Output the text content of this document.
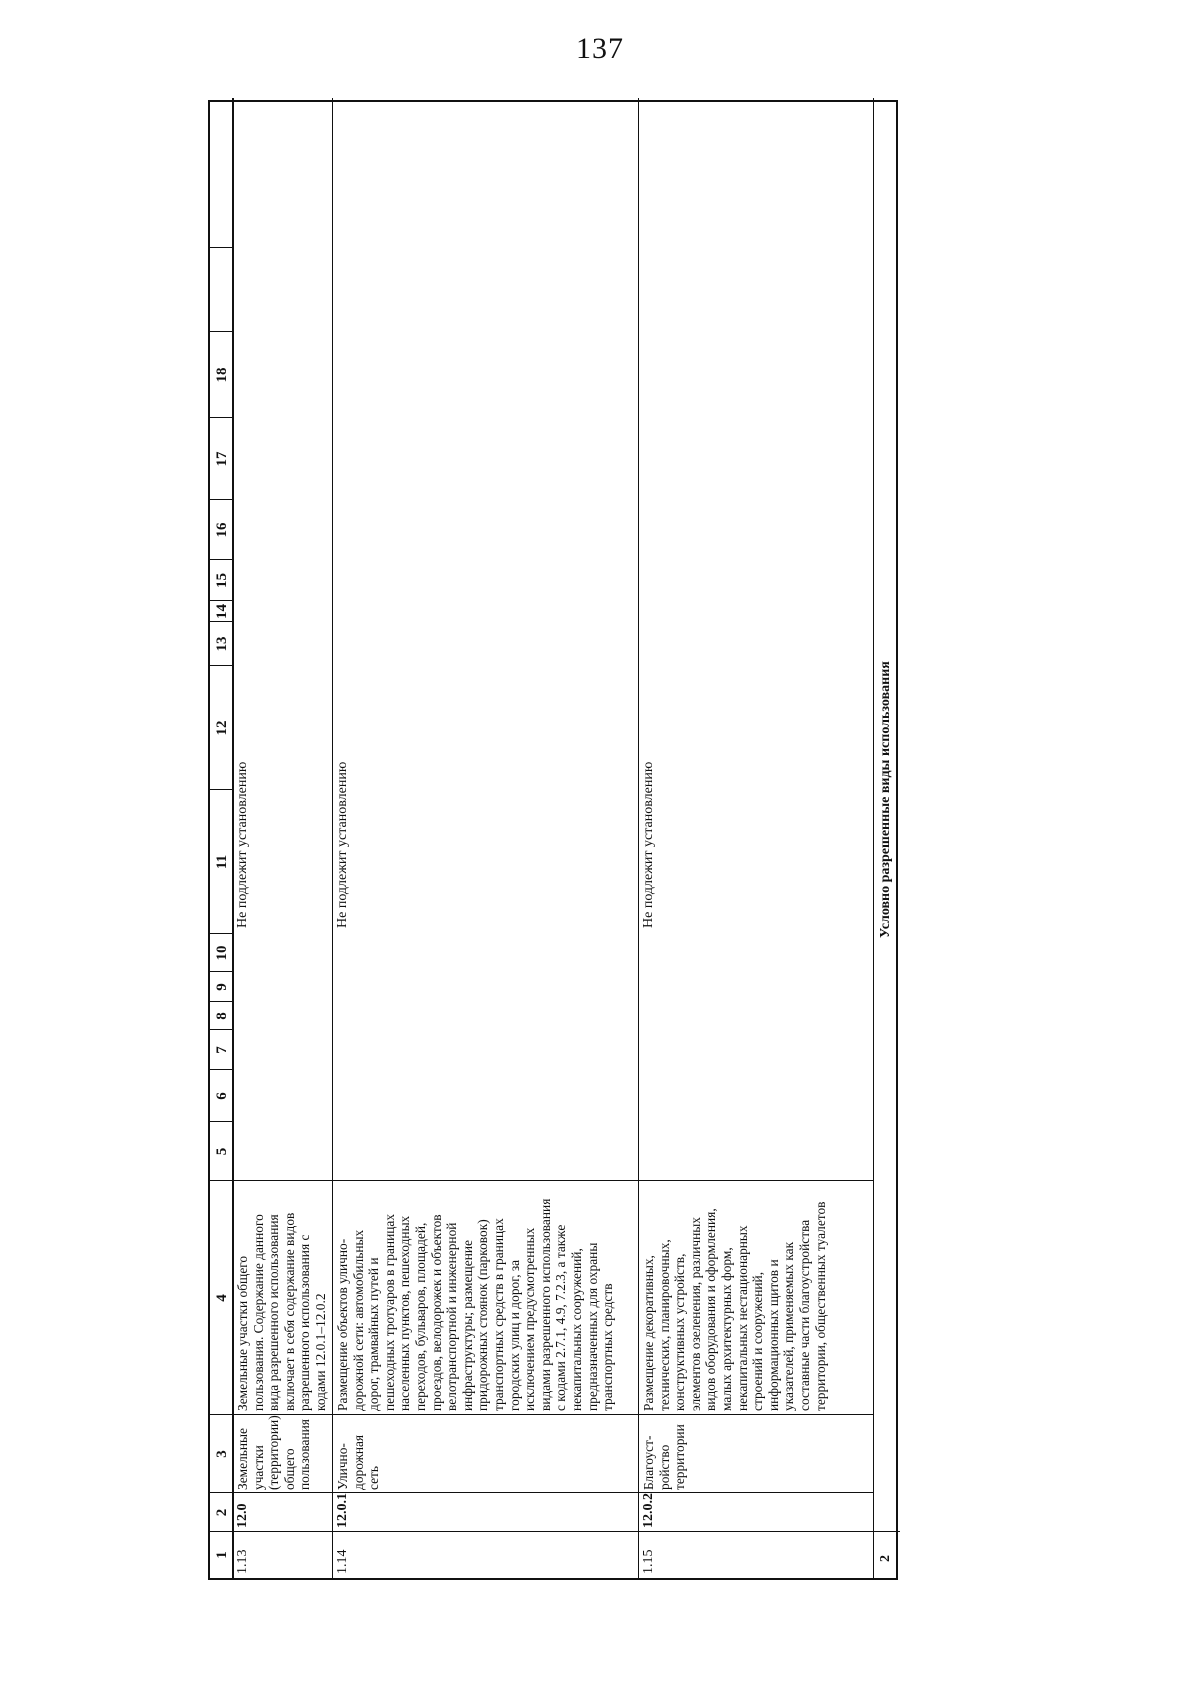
137
1
2
3
4
5
6
7
8
9
10
11
12
13
14
15
16
17
18
1.13
12.0
Земельные участки (территории) общего пользования
Земельные участки общего пользования. Содержание данного вида разрешенного использования включает в себя содержание видов разрешенного использования с кодами 12.0.1–12.0.2
Не подлежит установлению
1.14
12.0.1
Улично- дорожная сеть
Размещение объектов улично- дорожной сети: автомобильных дорог, трамвайных путей и пешеходных тротуаров в границах населенных пунктов, пешеходных переходов, бульваров, площадей, проездов, велодорожек и объектов велотранспортной и инженерной инфраструктуры; размещение придорожных стоянок (парковок) транспортных средств в границах городских улиц и дорог, за исключением предусмотренных видами разрешенного использования с кодами 2.7.1, 4.9, 7.2.3, а также некапитальных сооружений, предназначенных для охраны транспортных средств
Не подлежит установлению
1.15
12.0.2
Благоуст- ройство территории
Размещение декоративных, технических, планировочных, конструктивных устройств, элементов озеленения, различных видов оборудования и оформления, малых архитектурных форм, некапитальных нестационарных строений и сооружений, информационных щитов и указателей, применяемых как составные части благоустройства территории, общественных туалетов
Не подлежит установлению
2
Условно разрешенные виды использования
